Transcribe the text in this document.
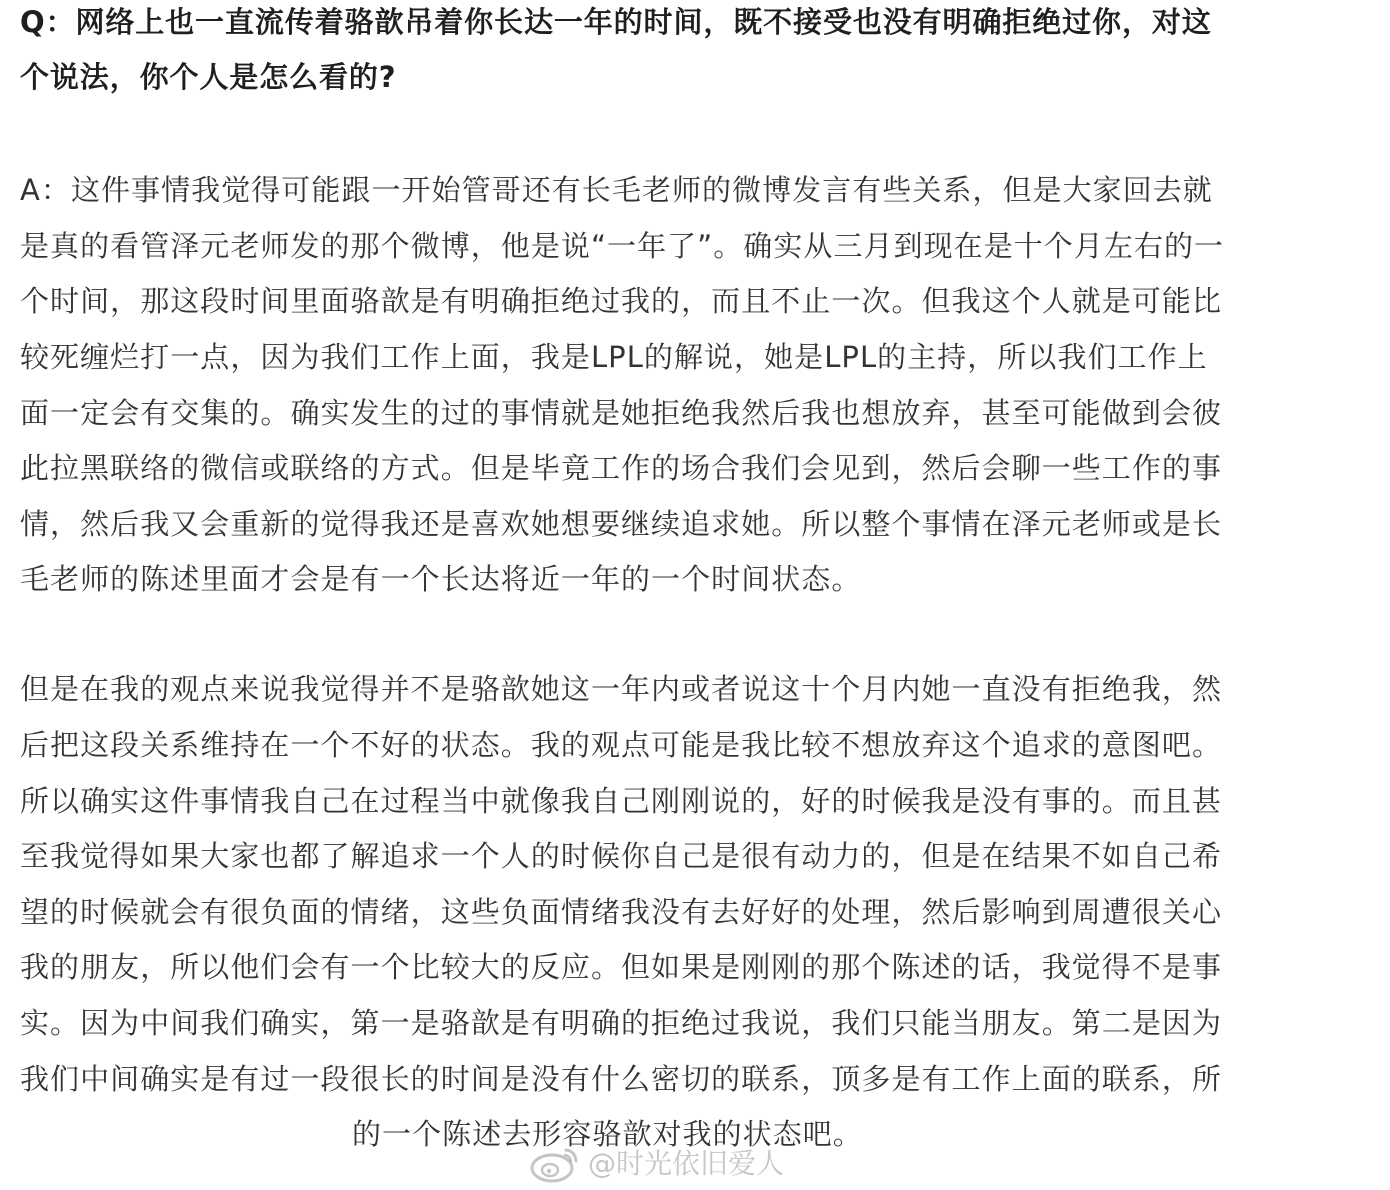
Q：网络上也一直流传着骆歆吊着你长达一年的时间，既不接受也没有明确拒绝过你，对这
个说法，你个人是怎么看的?
A：这件事情我觉得可能跟一开始管哥还有长毛老师的微博发言有些关系，但是大家回去就
是真的看管泽元老师发的那个微博，他是说“一年了”。确实从三月到现在是十个月左右的一
个时间，那这段时间里面骆歆是有明确拒绝过我的，而且不止一次。但我这个人就是可能比
较死缠烂打一点，因为我们工作上面，我是LPL的解说，她是LPL的主持，所以我们工作上
面一定会有交集的。确实发生的过的事情就是她拒绝我然后我也想放弃，甚至可能做到会彼
此拉黑联络的微信或联络的方式。但是毕竟工作的场合我们会见到，然后会聊一些工作的事
情，然后我又会重新的觉得我还是喜欢她想要继续追求她。所以整个事情在泽元老师或是长
毛老师的陈述里面才会是有一个长达将近一年的一个时间状态。
但是在我的观点来说我觉得并不是骆歆她这一年内或者说这十个月内她一直没有拒绝我，然
后把这段关系维持在一个不好的状态。我的观点可能是我比较不想放弃这个追求的意图吧。
所以确实这件事情我自己在过程当中就像我自己刚刚说的，好的时候我是没有事的。而且甚
至我觉得如果大家也都了解追求一个人的时候你自己是很有动力的，但是在结果不如自己希
望的时候就会有很负面的情绪，这些负面情绪我没有去好好的处理，然后影响到周遭很关心
我的朋友，所以他们会有一个比较大的反应。但如果是刚刚的那个陈述的话，我觉得不是事
实。因为中间我们确实，第一是骆歆是有明确的拒绝过我说，我们只能当朋友。第二是因为
我们中间确实是有过一段很长的时间是没有什么密切的联系，顶多是有工作上面的联系，所
的一个陈述去形容骆歆对我的状态吧。
@时光依旧爱人
